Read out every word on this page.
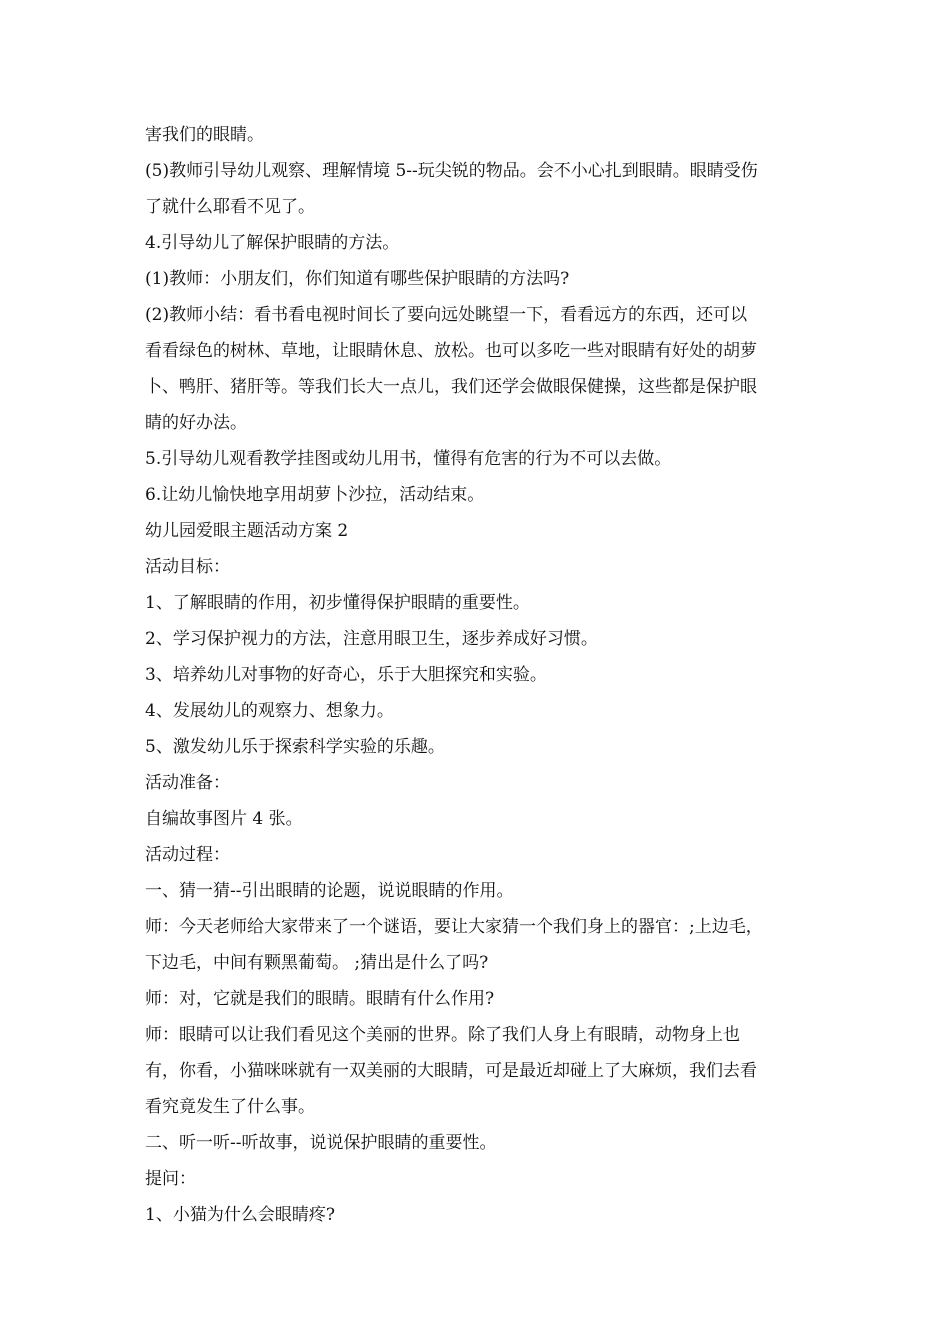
害我们的眼睛。
(5)教师引导幼儿观察、理解情境 5--玩尖锐的物品。会不小心扎到眼睛。眼睛受伤
了就什么耶看不见了。
4.引导幼儿了解保护眼睛的方法。
(1)教师：小朋友们，你们知道有哪些保护眼睛的方法吗?
(2)教师小结：看书看电视时间长了要向远处眺望一下，看看远方的东西，还可以
看看绿色的树林、草地，让眼睛休息、放松。也可以多吃一些对眼睛有好处的胡萝
卜、鸭肝、猪肝等。等我们长大一点儿，我们还学会做眼保健操，这些都是保护眼
睛的好办法。
5.引导幼儿观看教学挂图或幼儿用书，懂得有危害的行为不可以去做。
6.让幼儿愉快地享用胡萝卜沙拉，活动结束。
幼儿园爱眼主题活动方案 2
活动目标：
1、了解眼睛的作用，初步懂得保护眼睛的重要性。
2、学习保护视力的方法，注意用眼卫生，逐步养成好习惯。
3、培养幼儿对事物的好奇心，乐于大胆探究和实验。
4、发展幼儿的观察力、想象力。
5、激发幼儿乐于探索科学实验的乐趣。
活动准备：
自编故事图片 4 张。
活动过程：
一、猜一猜--引出眼睛的论题，说说眼睛的作用。
师：今天老师给大家带来了一个谜语，要让大家猜一个我们身上的器官：;上边毛，
下边毛，中间有颗黑葡萄。 ;猜出是什么了吗?
师：对，它就是我们的眼睛。眼睛有什么作用?
师：眼睛可以让我们看见这个美丽的世界。除了我们人身上有眼睛，动物身上也
有，你看，小猫咪咪就有一双美丽的大眼睛，可是最近却碰上了大麻烦，我们去看
看究竟发生了什么事。
二、听一听--听故事，说说保护眼睛的重要性。
提问：
1、小猫为什么会眼睛疼?
